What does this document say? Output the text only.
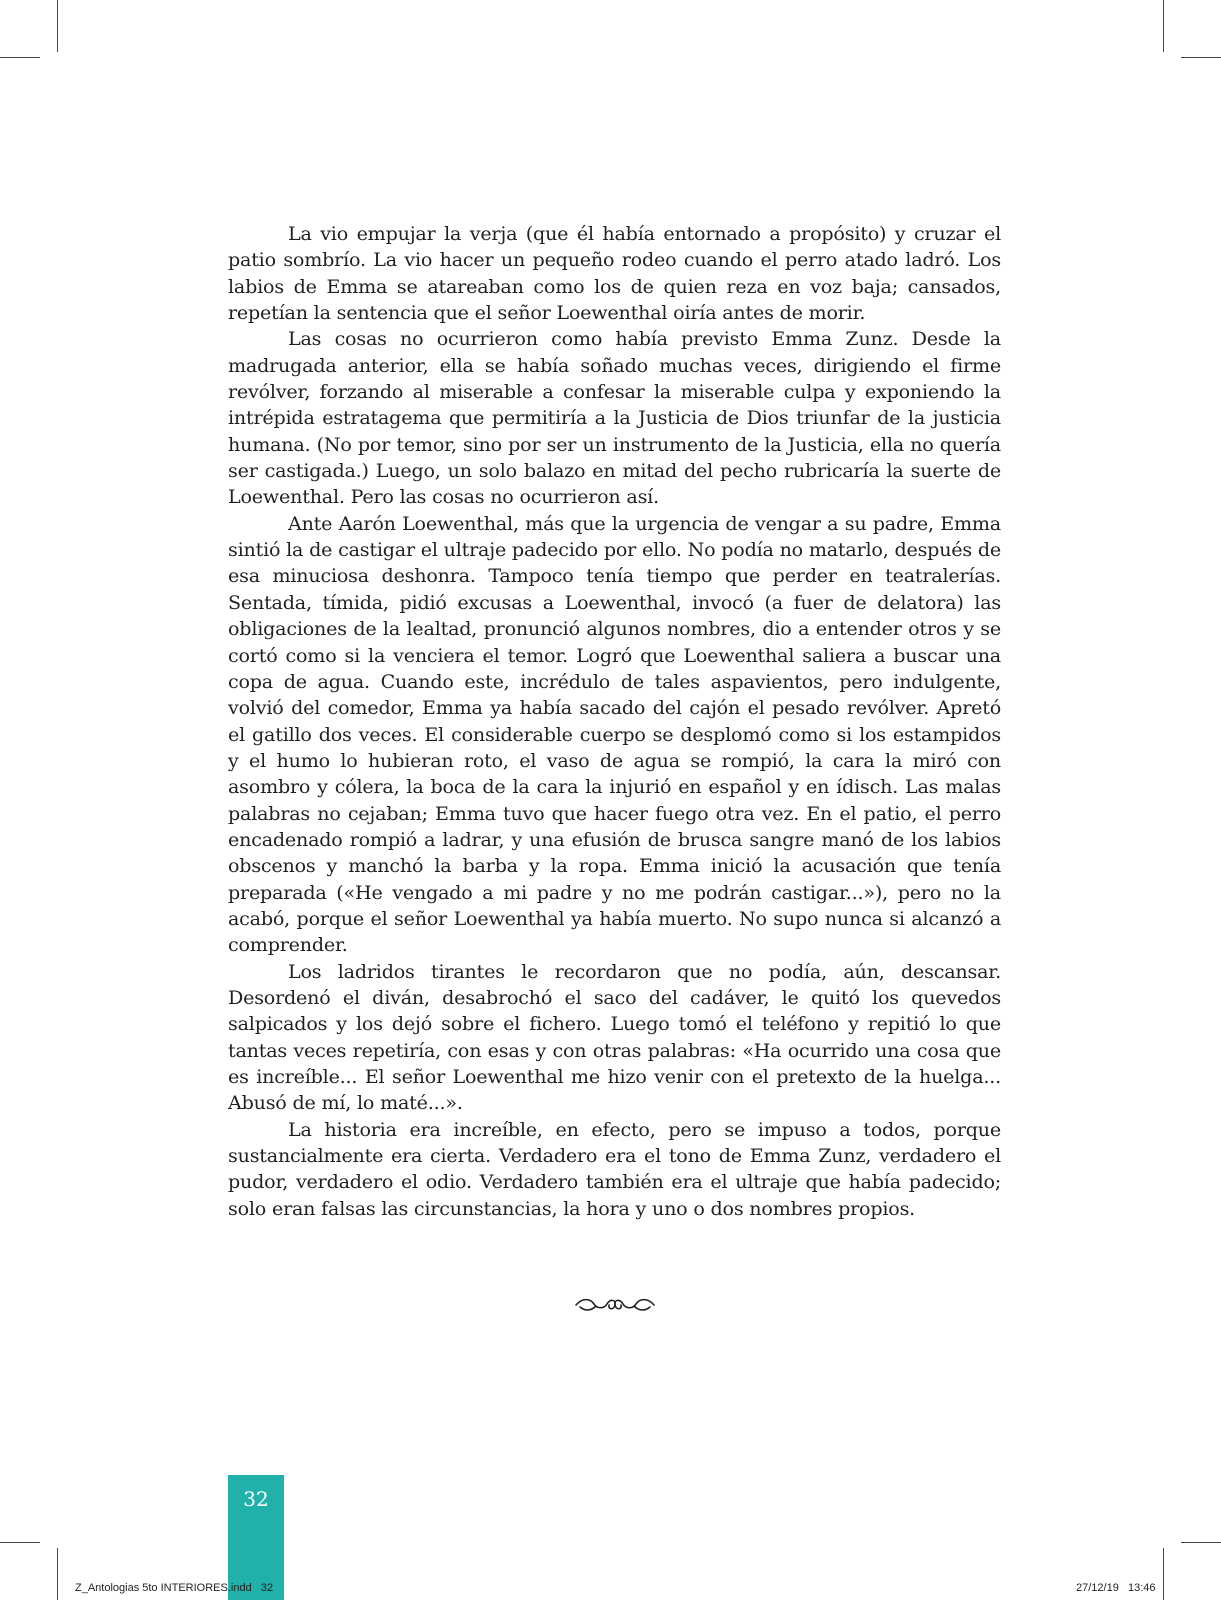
La vio empujar la verja (que él había entornado a propósito) y cruzar el patio sombrío. La vio hacer un pequeño rodeo cuando el perro atado ladró. Los labios de Emma se atareaban como los de quien reza en voz baja; cansados, repetían la sentencia que el señor Loewenthal oiría antes de morir.

Las cosas no ocurrieron como había previsto Emma Zunz. Desde la madrugada anterior, ella se había soñado muchas veces, dirigiendo el firme revólver, forzando al miserable a confesar la miserable culpa y exponiendo la intrépida estratagema que permitiría a la Justicia de Dios triunfar de la justicia humana. (No por temor, sino por ser un instrumento de la Justicia, ella no quería ser castigada.) Luego, un solo balazo en mitad del pecho rubricaría la suerte de Loewenthal. Pero las cosas no ocurrieron así.

Ante Aarón Loewenthal, más que la urgencia de vengar a su padre, Emma sintió la de castigar el ultraje padecido por ello. No podía no matarlo, después de esa minuciosa deshonra. Tampoco tenía tiempo que perder en teatralerías. Sentada, tímida, pidió excusas a Loewenthal, invocó (a fuer de delatora) las obligaciones de la lealtad, pronunció algunos nombres, dio a entender otros y se cortó como si la venciera el temor. Logró que Loewenthal saliera a buscar una copa de agua. Cuando este, incrédulo de tales aspavientos, pero indulgente, volvió del comedor, Emma ya había sacado del cajón el pesado revólver. Apretó el gatillo dos veces. El considerable cuerpo se desplomó como si los estampidos y el humo lo hubieran roto, el vaso de agua se rompió, la cara la miró con asombro y cólera, la boca de la cara la injurió en español y en ídisch. Las malas palabras no cejaban; Emma tuvo que hacer fuego otra vez. En el patio, el perro encadenado rompió a ladrar, y una efusión de brusca sangre manó de los labios obscenos y manchó la barba y la ropa. Emma inició la acusación que tenía preparada («He vengado a mi padre y no me podrán castigar...»), pero no la acabó, porque el señor Loewenthal ya había muerto. No supo nunca si alcanzó a comprender.

Los ladridos tirantes le recordaron que no podía, aún, descansar. Desordenó el diván, desabrochó el saco del cadáver, le quitó los quevedos salpicados y los dejó sobre el fichero. Luego tomó el teléfono y repitió lo que tantas veces repetiría, con esas y con otras palabras: «Ha ocurrido una cosa que es increíble... El señor Loewenthal me hizo venir con el pretexto de la huelga... Abusó de mí, lo maté...».

La historia era increíble, en efecto, pero se impuso a todos, porque sustancialmente era cierta. Verdadero era el tono de Emma Zunz, verdadero el pudor, verdadero el odio. Verdadero también era el ultraje que había padecido; solo eran falsas las circunstancias, la hora y uno o dos nombres propios.

32
Z_Antologias 5to INTERIORES.indd   32	27/12/19   13:46
